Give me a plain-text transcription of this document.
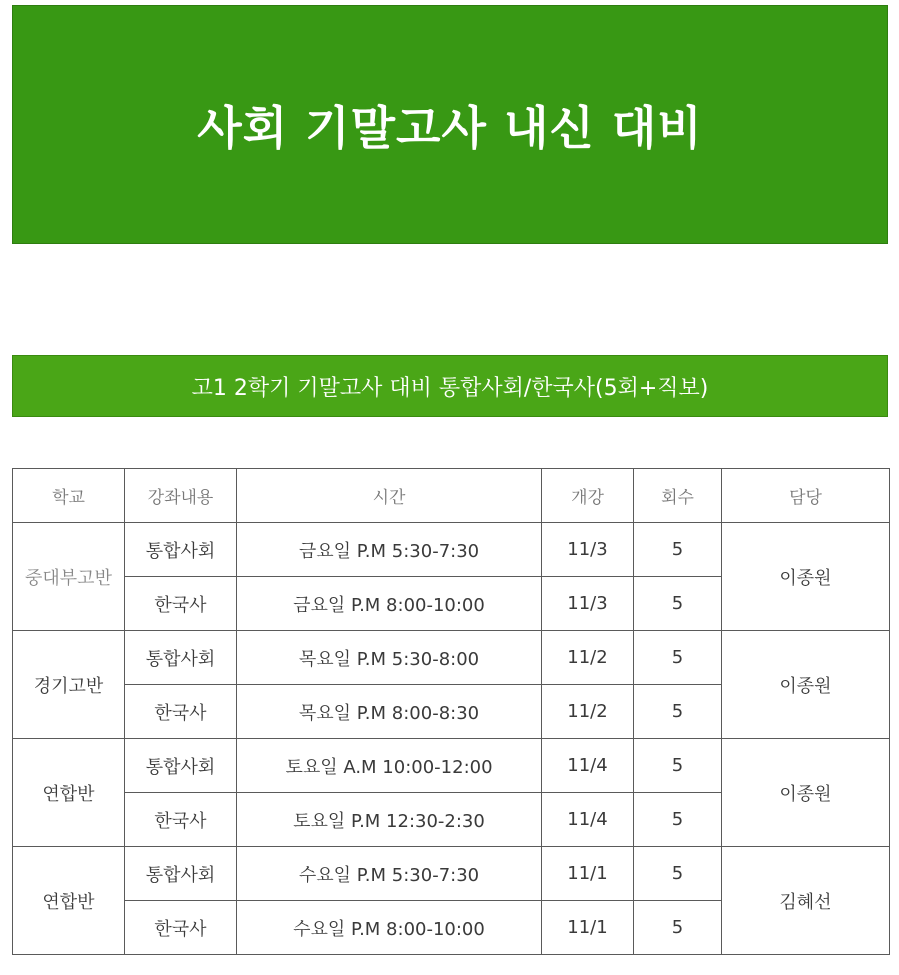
사회 기말고사 내신 대비
고1 2학기 기말고사 대비 통합사회/한국사(5회+직보)
학교	강좌내용	시간	개강	회수	담당
중대부고반	통합사회	금요일 P.M 5:30-7:30	11/3	5	이종원
	한국사	금요일 P.M 8:00-10:00	11/3	5	
경기고반	통합사회	목요일 P.M 5:30-8:00	11/2	5	이종원
	한국사	목요일 P.M 8:00-8:30	11/2	5	
연합반	통합사회	토요일 A.M 10:00-12:00	11/4	5	이종원
	한국사	토요일 P.M 12:30-2:30	11/4	5	
연합반	통합사회	수요일 P.M 5:30-7:30	11/1	5	김혜선
	한국사	수요일 P.M 8:00-10:00	11/1	5	
